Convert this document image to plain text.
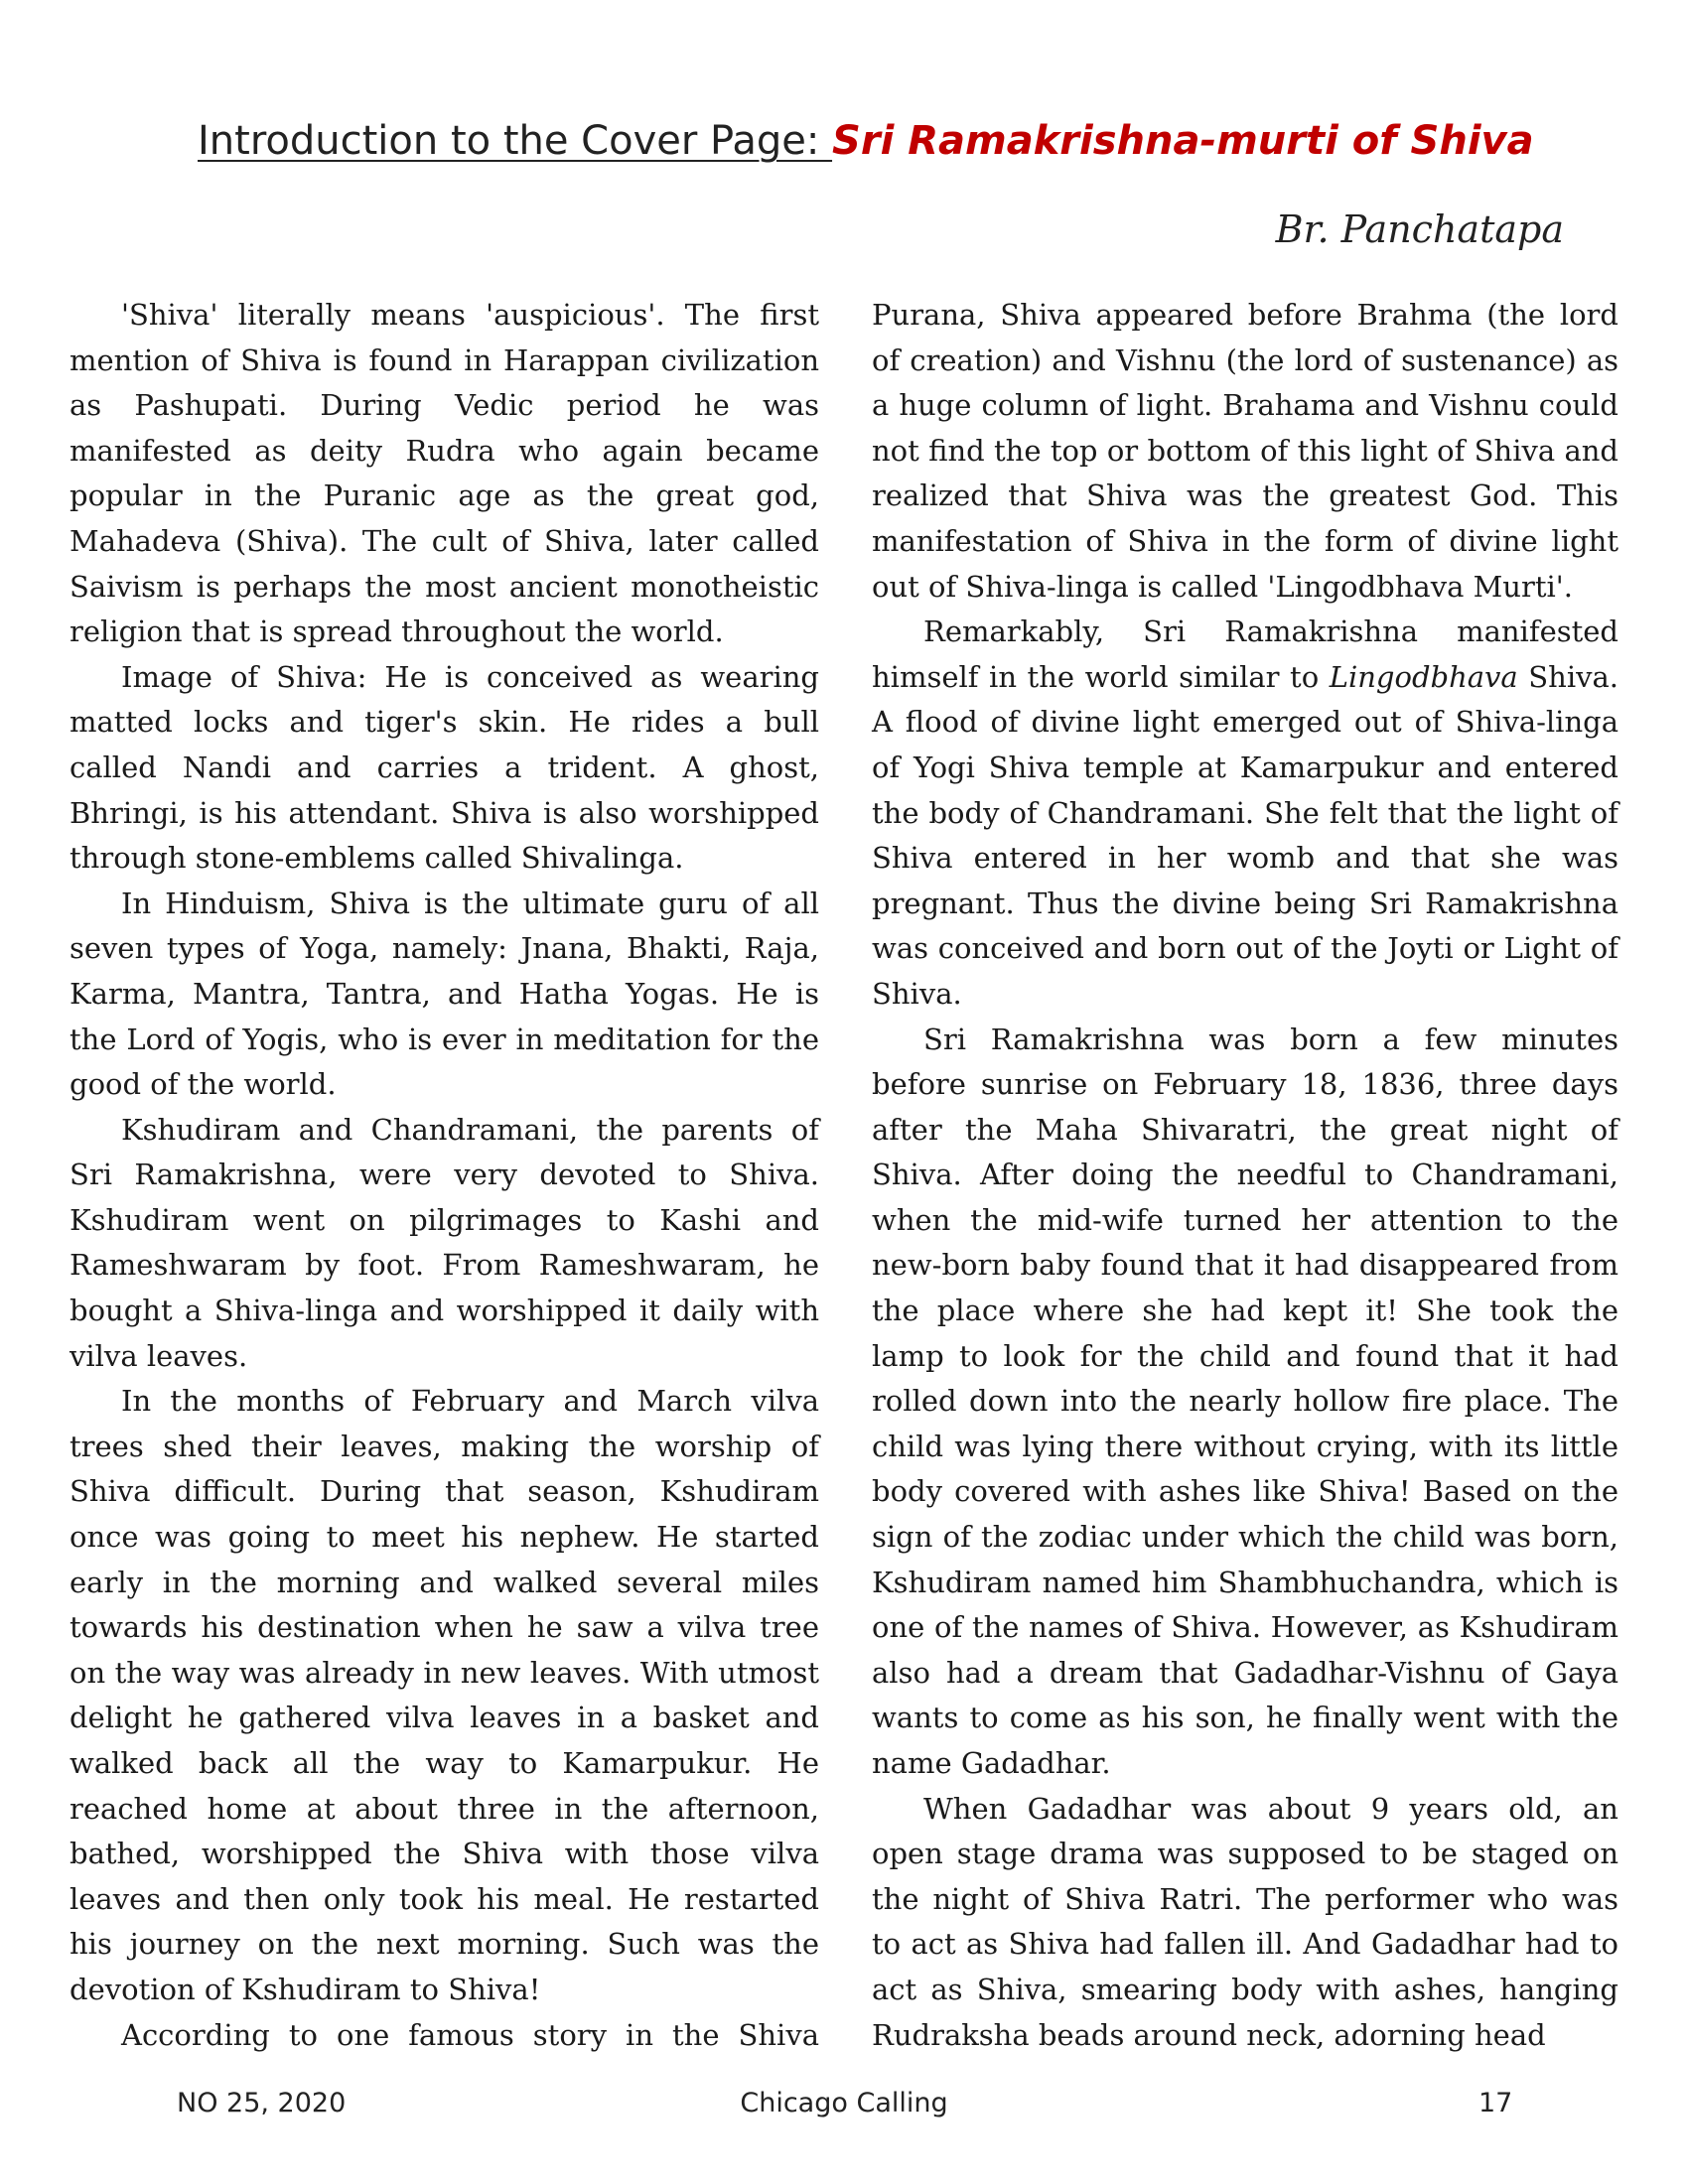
Introduction to the Cover Page: Sri Ramakrishna-murti of Shiva

Br. Panchatapa

'Shiva' literally means 'auspicious'. The first mention of Shiva is found in Harappan civilization as Pashupati. During Vedic period he was manifested as deity Rudra who again became popular in the Puranic age as the great god, Mahadeva (Shiva). The cult of Shiva, later called Saivism is perhaps the most ancient monotheistic religion that is spread throughout the world.

Image of Shiva: He is conceived as wearing matted locks and tiger's skin. He rides a bull called Nandi and carries a trident. A ghost, Bhringi, is his attendant. Shiva is also worshipped through stone-emblems called Shivalinga.

In Hinduism, Shiva is the ultimate guru of all seven types of Yoga, namely: Jnana, Bhakti, Raja, Karma, Mantra, Tantra, and Hatha Yogas. He is the Lord of Yogis, who is ever in meditation for the good of the world.

Kshudiram and Chandramani, the parents of Sri Ramakrishna, were very devoted to Shiva. Kshudiram went on pilgrimages to Kashi and Rameshwaram by foot. From Rameshwaram, he bought a Shiva-linga and worshipped it daily with vilva leaves.

In the months of February and March vilva trees shed their leaves, making the worship of Shiva difficult. During that season, Kshudiram once was going to meet his nephew. He started early in the morning and walked several miles towards his destination when he saw a vilva tree on the way was already in new leaves. With utmost delight he gathered vilva leaves in a basket and walked back all the way to Kamarpukur. He reached home at about three in the afternoon, bathed, worshipped the Shiva with those vilva leaves and then only took his meal. He restarted his journey on the next morning. Such was the devotion of Kshudiram to Shiva!

According to one famous story in the Shiva

Purana, Shiva appeared before Brahma (the lord of creation) and Vishnu (the lord of sustenance) as a huge column of light. Brahama and Vishnu could not find the top or bottom of this light of Shiva and realized that Shiva was the greatest God. This manifestation of Shiva in the form of divine light out of Shiva-linga is called 'Lingodbhava Murti'.

Remarkably, Sri Ramakrishna manifested himself in the world similar to Lingodbhava Shiva. A flood of divine light emerged out of Shiva-linga of Yogi Shiva temple at Kamarpukur and entered the body of Chandramani. She felt that the light of Shiva entered in her womb and that she was pregnant. Thus the divine being Sri Ramakrishna was conceived and born out of the Joyti or Light of Shiva.

Sri Ramakrishna was born a few minutes before sunrise on February 18, 1836, three days after the Maha Shivaratri, the great night of Shiva. After doing the needful to Chandramani, when the mid-wife turned her attention to the new-born baby found that it had disappeared from the place where she had kept it! She took the lamp to look for the child and found that it had rolled down into the nearly hollow fire place. The child was lying there without crying, with its little body covered with ashes like Shiva! Based on the sign of the zodiac under which the child was born, Kshudiram named him Shambhuchandra, which is one of the names of Shiva. However, as Kshudiram also had a dream that Gadadhar-Vishnu of Gaya wants to come as his son, he finally went with the name Gadadhar.

When Gadadhar was about 9 years old, an open stage drama was supposed to be staged on the night of Shiva Ratri. The performer who was to act as Shiva had fallen ill. And Gadadhar had to act as Shiva, smearing body with ashes, hanging Rudraksha beads around neck, adorning head

NO 25, 2020	Chicago Calling	17
